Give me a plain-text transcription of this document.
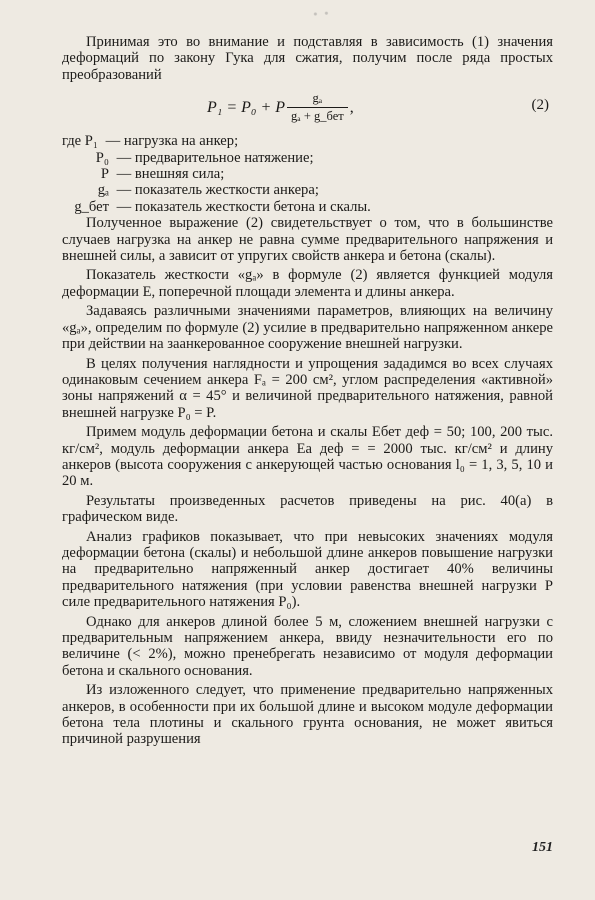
Принимая это во внимание и подставляя в зависимость (1) значения деформаций по закону Гука для сжатия, получим после ряда простых преобразований

P₁ = P₀ + P $\frac{\text{gₐ}}{\text{gₐ + g\_бет}}$ ,	(2)
где P₁ — нагрузка на анкер;
P₀ — предварительное натяжение;
P — внешняя сила;
gₐ — показатель жесткости анкера;
g_бет — показатель жесткости бетона и скалы.

Полученное выражение (2) свидетельствует о том, что в большинстве случаев нагрузка на анкер не равна сумме предварительного напряжения и внешней силы, а зависит от упругих свойств анкера и бетона (скалы).

Показатель жесткости «gₐ» в формуле (2) является функцией модуля деформации Е, поперечной площади элемента и длины анкера.

Задаваясь различными значениями параметров, влияющих на величину «gₐ», определим по формуле (2) усилие в предварительно напряженном анкере при действии на заанкерованное сооружение внешней нагрузки.

В целях получения наглядности и упрощения зададимся во всех случаях одинаковым сечением анкера Fₐ = 200 см², углом распределения «активной» зоны напряжений α = 45° и величиной предварительного натяжения, равной внешней нагрузке P₀ = P.

Примем модуль деформации бетона и скалы Eбет деф = 50; 100, 200 тыс. кг/см², модуль деформации анкера Eа деф = = 2000 тыс. кг/см² и длину анкеров (высота сооружения с анкерующей частью основания l₀ = 1, 3, 5, 10 и 20 м.

Результаты произведенных расчетов приведены на рис. 40(а) в графическом виде.

Анализ графиков показывает, что при невысоких значениях модуля деформации бетона (скалы) и небольшой длине анкеров повышение нагрузки на предварительно напряженный анкер достигает 40% величины предварительного натяжения (при условии равенства внешней нагрузки P силе предварительного натяжения P₀).

Однако для анкеров длиной более 5 м, сложением внешней нагрузки с предварительным напряжением анкера, ввиду незначительности его по величине (< 2%), можно пренебрегать независимо от модуля деформации бетона и скального основания.

Из изложенного следует, что применение предварительно напряженных анкеров, в особенности при их большой длине и высоком модуле деформации бетона тела плотины и скального грунта основания, не может явиться причиной разрушения

151
